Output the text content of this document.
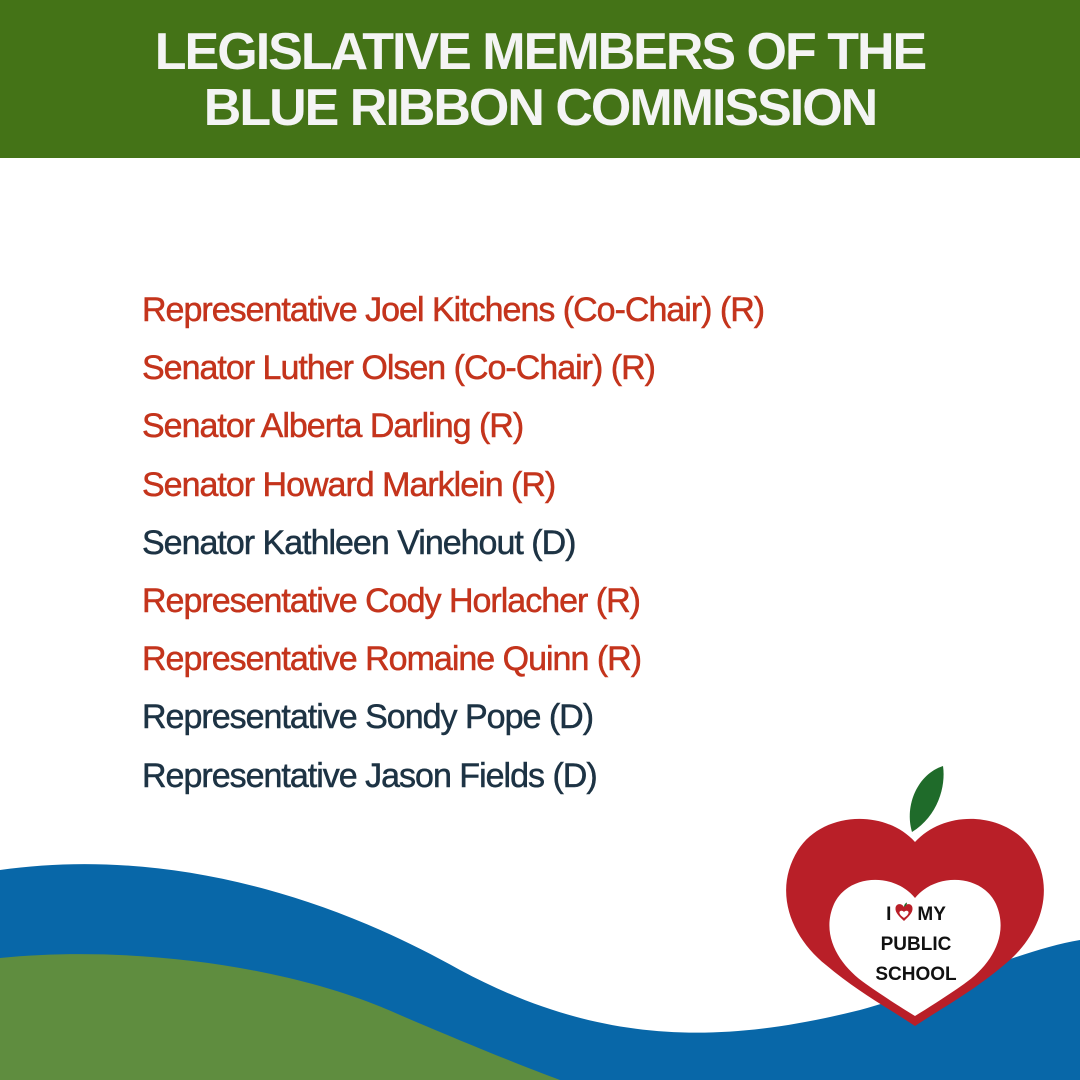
LEGISLATIVE MEMBERS OF THE
BLUE RIBBON COMMISSION
Representative Joel Kitchens (Co-Chair) (R)
Senator Luther Olsen (Co-Chair) (R)
Senator Alberta Darling (R)
Senator Howard Marklein (R)
Senator Kathleen Vinehout (D)
Representative Cody Horlacher (R)
Representative Romaine Quinn (R)
Representative Sondy Pope (D)
Representative Jason Fields (D)
I MY
PUBLIC
SCHOOL
